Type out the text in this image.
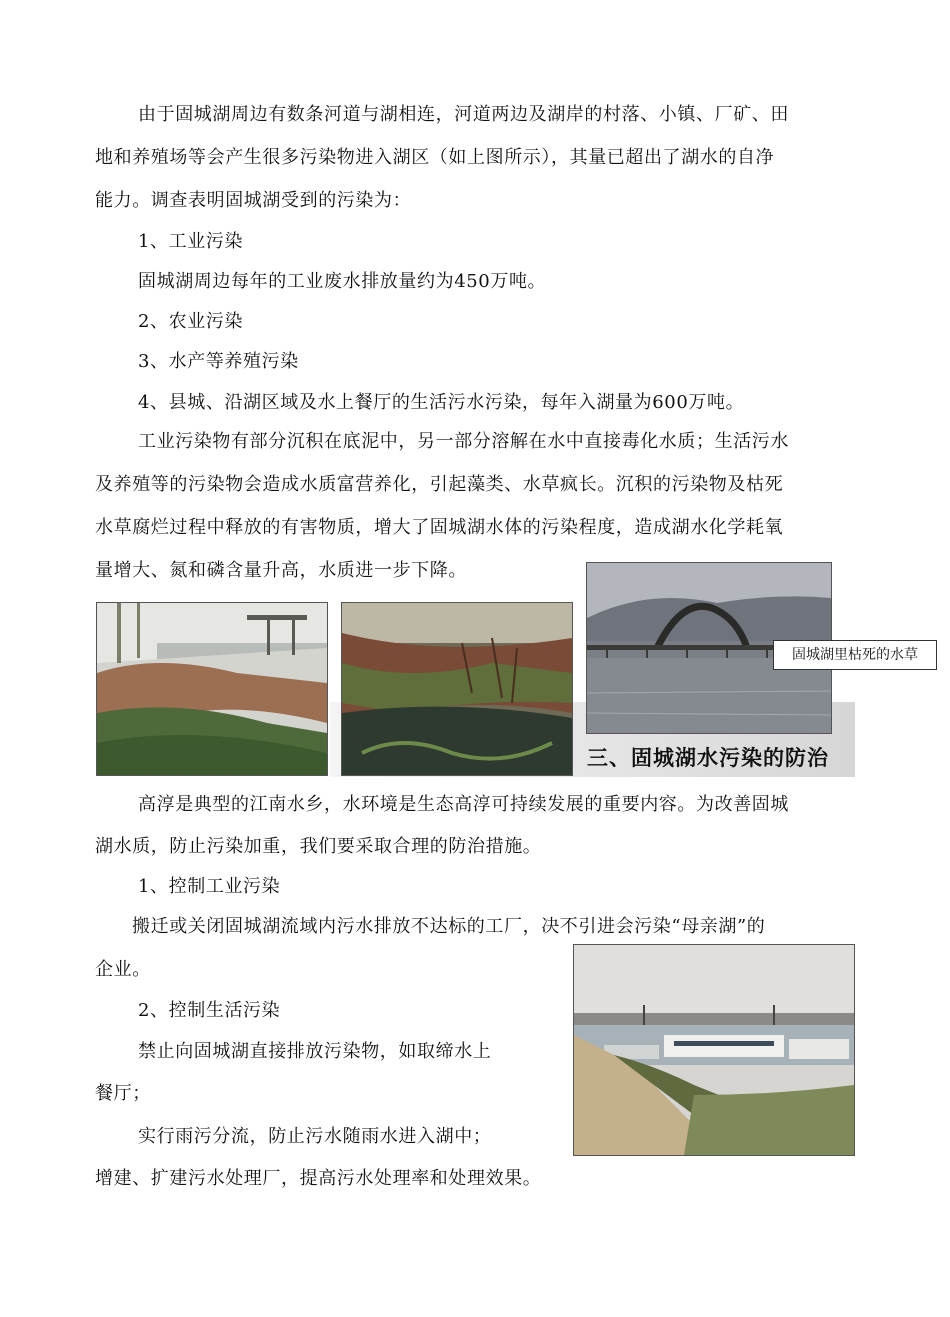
由于固城湖周边有数条河道与湖相连，河道两边及湖岸的村落、小镇、厂矿、田
地和养殖场等会产生很多污染物进入湖区（如上图所示），其量已超出了湖水的自净
能力。调查表明固城湖受到的污染为：
1、工业污染
固城湖周边每年的工业废水排放量约为450万吨。
2、农业污染
3、水产等养殖污染
4、县城、沿湖区域及水上餐厅的生活污水污染，每年入湖量为600万吨。
工业污染物有部分沉积在底泥中，另一部分溶解在水中直接毒化水质；生活污水
及养殖等的污染物会造成水质富营养化，引起藻类、水草疯长。沉积的污染物及枯死
水草腐烂过程中释放的有害物质，增大了固城湖水体的污染程度，造成湖水化学耗氧
量增大、氮和磷含量升高，水质进一步下降。
固城湖里枯死的水草
三、固城湖水污染的防治
高淳是典型的江南水乡，水环境是生态高淳可持续发展的重要内容。为改善固城
湖水质，防止污染加重，我们要采取合理的防治措施。
1、控制工业污染
搬迁或关闭固城湖流域内污水排放不达标的工厂，决不引进会污染“母亲湖”的
企业。
2、控制生活污染
禁止向固城湖直接排放污染物，如取缔水上
餐厅；
实行雨污分流，防止污水随雨水进入湖中；
增建、扩建污水处理厂，提高污水处理率和处理效果。
